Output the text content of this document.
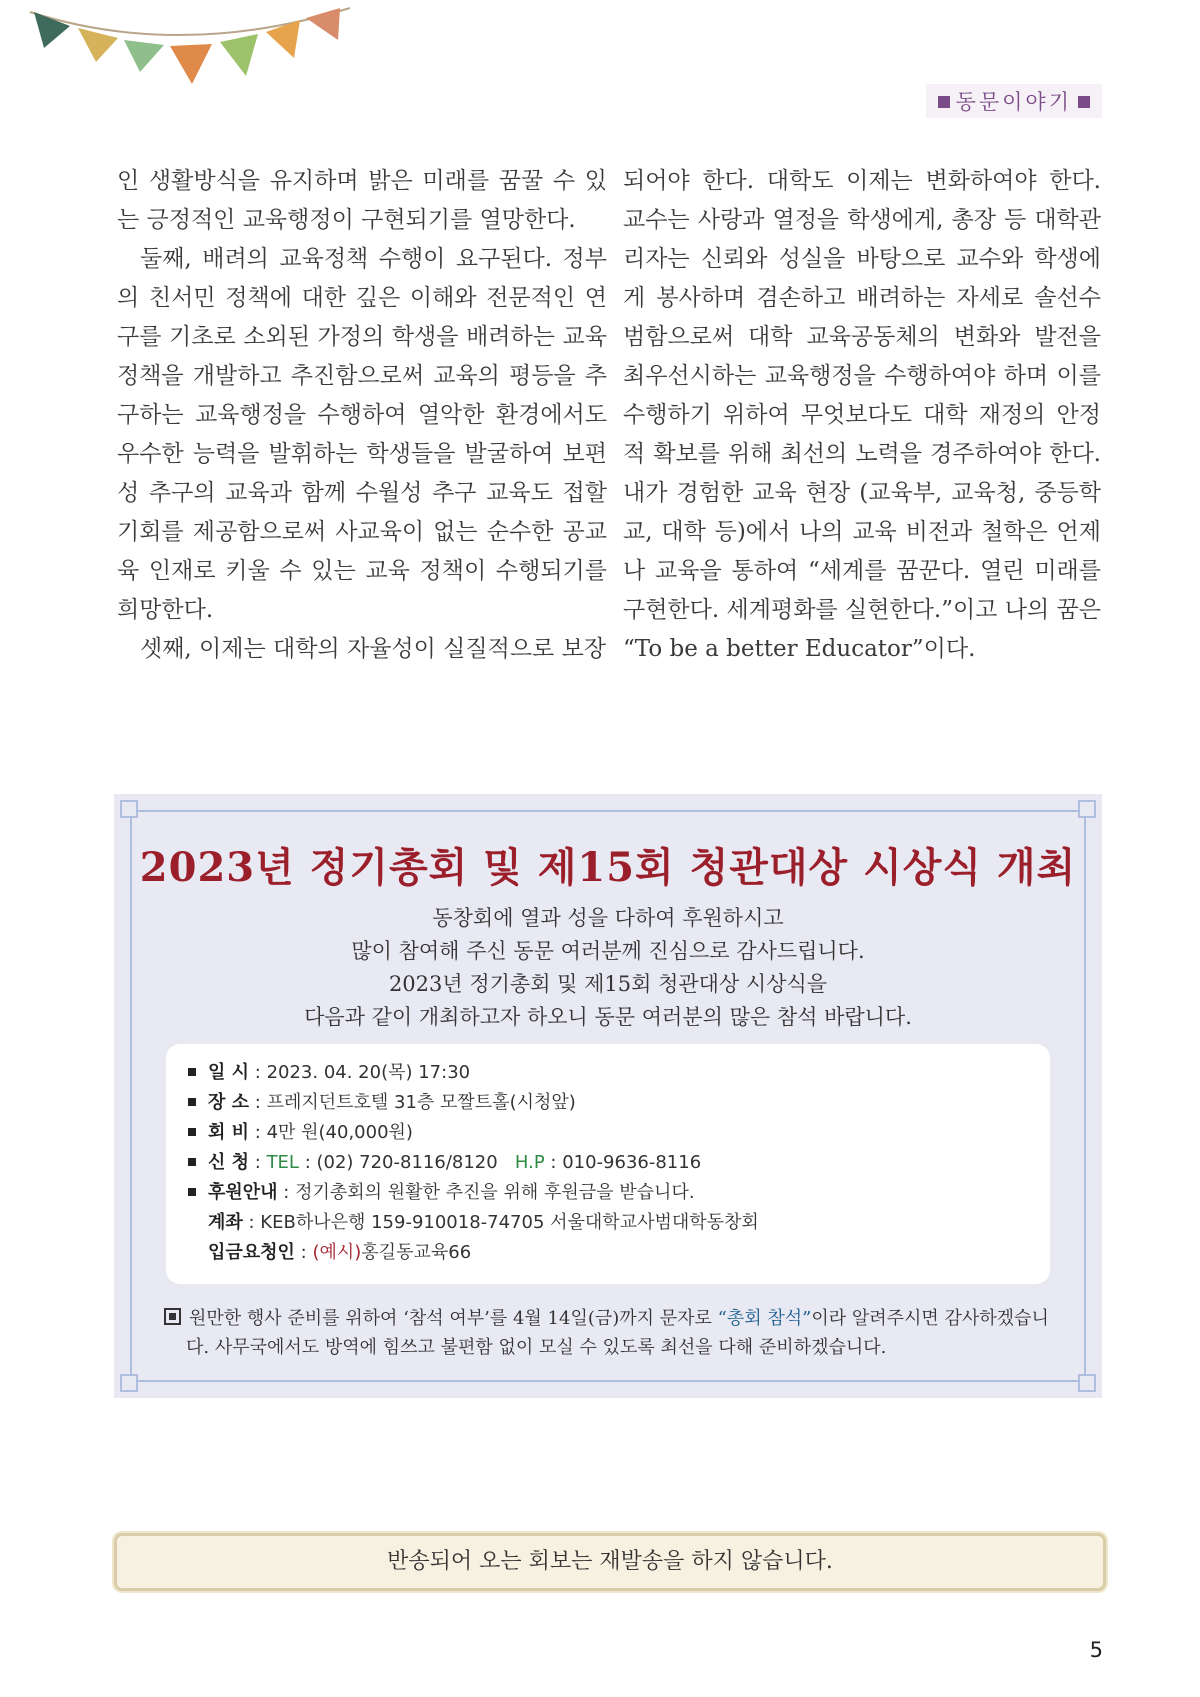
동문이야기

인 생활방식을 유지하며 밝은 미래를 꿈꿀 수 있는 긍정적인 교육행정이 구현되기를 열망한다.

둘째, 배려의 교육정책 수행이 요구된다. 정부의 친서민 정책에 대한 깊은 이해와 전문적인 연구를 기초로 소외된 가정의 학생을 배려하는 교육정책을 개발하고 추진함으로써 교육의 평등을 추구하는 교육행정을 수행하여 열악한 환경에서도 우수한 능력을 발휘하는 학생들을 발굴하여 보편성 추구의 교육과 함께 수월성 추구 교육도 접할 기회를 제공함으로써 사교육이 없는 순수한 공교육 인재로 키울 수 있는 교육 정책이 수행되기를 희망한다.

셋째, 이제는 대학의 자율성이 실질적으로 보장

되어야 한다. 대학도 이제는 변화하여야 한다. 교수는 사랑과 열정을 학생에게, 총장 등 대학관리자는 신뢰와 성실을 바탕으로 교수와 학생에게 봉사하며 겸손하고 배려하는 자세로 솔선수범함으로써 대학 교육공동체의 변화와 발전을 최우선시하는 교육행정을 수행하여야 하며 이를 수행하기 위하여 무엇보다도 대학 재정의 안정적 확보를 위해 최선의 노력을 경주하여야 한다. 내가 경험한 교육 현장 (교육부, 교육청, 중등학교, 대학 등)에서 나의 교육 비전과 철학은 언제나 교육을 통하여 “세계를 꿈꾼다. 열린 미래를 구현한다. 세계평화를 실현한다.”이고 나의 꿈은 “To be a better Educator”이다.

2023년 정기총회 및 제15회 청관대상 시상식 개최

동창회에 열과 성을 다하여 후원하시고

많이 참여해 주신 동문 여러분께 진심으로 감사드립니다.

2023년 정기총회 및 제15회 청관대상 시상식을

다음과 같이 개최하고자 하오니 동문 여러분의 많은 참석 바랍니다.

일 시 : 2023. 04. 20(목) 17:30
장 소 : 프레지던트호텔 31층 모짤트홀(시청앞)
회 비 : 4만 원(40,000원)
신 청 : TEL : (02) 720-8116/8120 H.P : 010-9636-8116
후원안내 : 정기총회의 원활한 추진을 위해 후원금을 받습니다.
계좌 : KEB하나은행 159-910018-74705 서울대학교사범대학동창회
입금요청인 : (예시)홍길동교육66
원만한 행사 준비를 위하여 ‘참석 여부’를 4월 14일(금)까지 문자로 “총회 참석”이라 알려주시면 감사하겠습니
다. 사무국에서도 방역에 힘쓰고 불편함 없이 모실 수 있도록 최선을 다해 준비하겠습니다.
반송되어 오는 회보는 재발송을 하지 않습니다.
5
